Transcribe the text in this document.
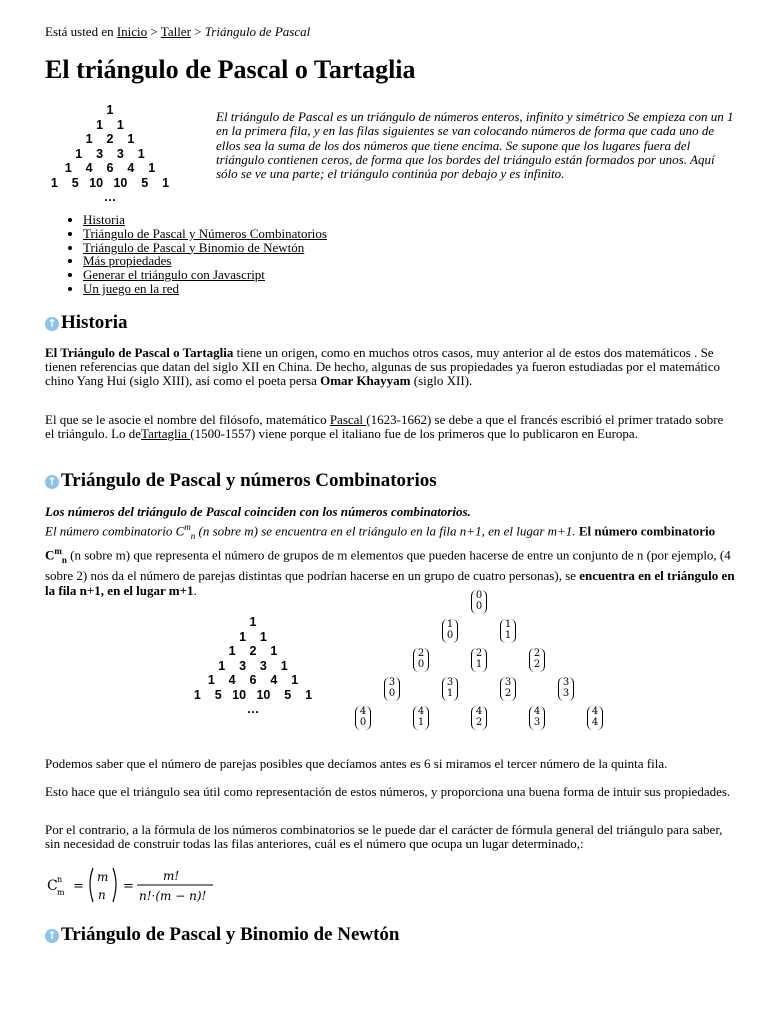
Está usted en Inicio > Taller > Triángulo de Pascal
El triángulo de Pascal o Tartaglia
1
1    1
1    2    1
1    3    3    1
1    4    6    4    1
1    5   10   10    5    1
…
El triángulo de Pascal es un triángulo de números enteros, infinito y simétrico Se empieza con un 1 en la primera fila, y en las filas siguientes se van colocando números de forma que cada uno de ellos sea la suma de los dos números que tiene encima. Se supone que los lugares fuera del triángulo contienen ceros, de forma que los bordes del triángulo están formados por unos. Aquí sólo se ve una parte; el triángulo continúa por debajo y es infinito.
• Historia
• Triángulo de Pascal y Números Combinatorios
• Triángulo de Pascal y Binomio de Newtón
• Más propiedades
• Generar el triángulo con Javascript
• Un juego en la red
↑ Historia

El Triángulo de Pascal o Tartaglia tiene un origen, como en muchos otros casos, muy anterior al de estos dos matemáticos . Se tienen referencias que datan del siglo XII en China. De hecho, algunas de sus propiedades ya fueron estudiadas por el matemático chino Yang Hui (siglo XIII), así como el poeta persa Omar Khayyam (siglo XII).

El que se le asocie el nombre del filósofo, matemático Pascal (1623-1662) se debe a que el francés escribió el primer tratado sobre el triángulo. Lo deTartaglia (1500-1557) viene porque el italiano fue de los primeros que lo publicaron en Europa.

↑ Triángulo de Pascal y números Combinatorios

Los números del triángulo de Pascal coinciden con los números combinatorios.

El número combinatorio $C^m_n$ (n sobre m) se encuentra en el triángulo en la fila n+1, en el lugar m+1. El número combinatorio $C^m_n$ (n sobre m) que representa el número de grupos de m elementos que pueden hacerse de entre un conjunto de n (por ejemplo, (4 sobre 2) nos da el número de parejas distintas que podrían hacerse en un grupo de cuatro personas), se encuentra en el triángulo en la fila n+1, en el lugar m+1.

1
1    1
1    2    1
1    3    3    1
1    4    6    4    1
1    5   10   10    5    1
…
0
0
1
0
1
1
2
0
2
1
2
2
3
0
3
1
3
2
3
3
4
0
4
1
4
2
4
3
4
4

Podemos saber que el número de parejas posibles que decíamos antes es 6 si miramos el tercer número de la quinta fila.

Esto hace que el triángulo sea útil como representación de estos números, y proporciona una buena forma de intuir sus propiedades.

Por el contrario, a la fórmula de los números combinatorios se le puede dar el carácter de fórmula general del triángulo para saber, sin necesidad de construir todas las filas anteriores, cuál es el número que ocupa un lugar determinado,:

C n
m =
m
n
=
m!
n!·(m − n)!
↑ Triángulo de Pascal y Binomio de Newtón
